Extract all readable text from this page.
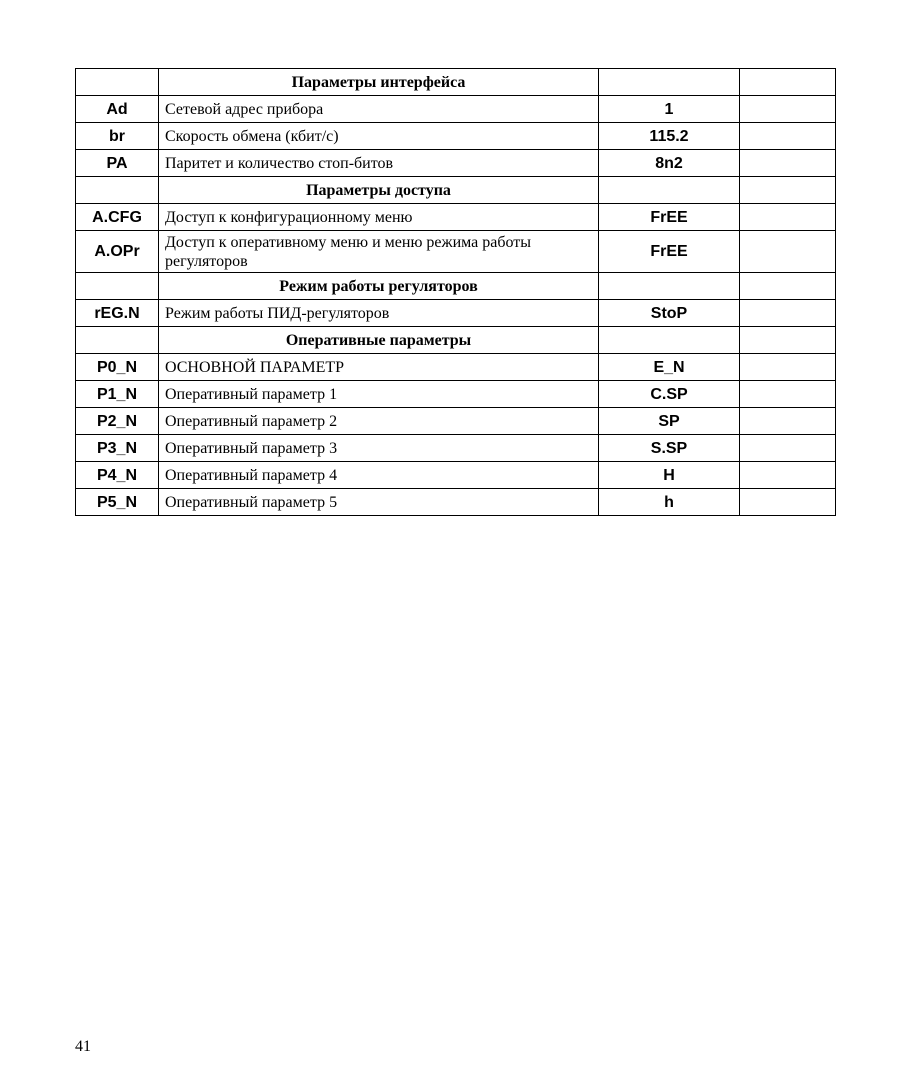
	Параметры интерфейса		
Ad	Сетевой адрес прибора	1	
br	Скорость обмена (кбит/с)	115.2	
PA	Паритет и количество стоп-битов	8n2	
	Параметры доступа		
A.CFG	Доступ к конфигурационному меню	FrEE	
A.OPr	Доступ к оперативному меню и меню режима работы регуляторов	FrEE	
	Режим работы регуляторов		
rEG.N	Режим работы ПИД-регуляторов	StoP	
	Оперативные параметры		
P0_N	ОСНОВНОЙ ПАРАМЕТР	E_N	
P1_N	Оперативный параметр 1	C.SP	
P2_N	Оперативный параметр 2	SP	
P3_N	Оперативный параметр 3	S.SP	
P4_N	Оперативный параметр 4	H	
P5_N	Оперативный параметр 5	h	
41
